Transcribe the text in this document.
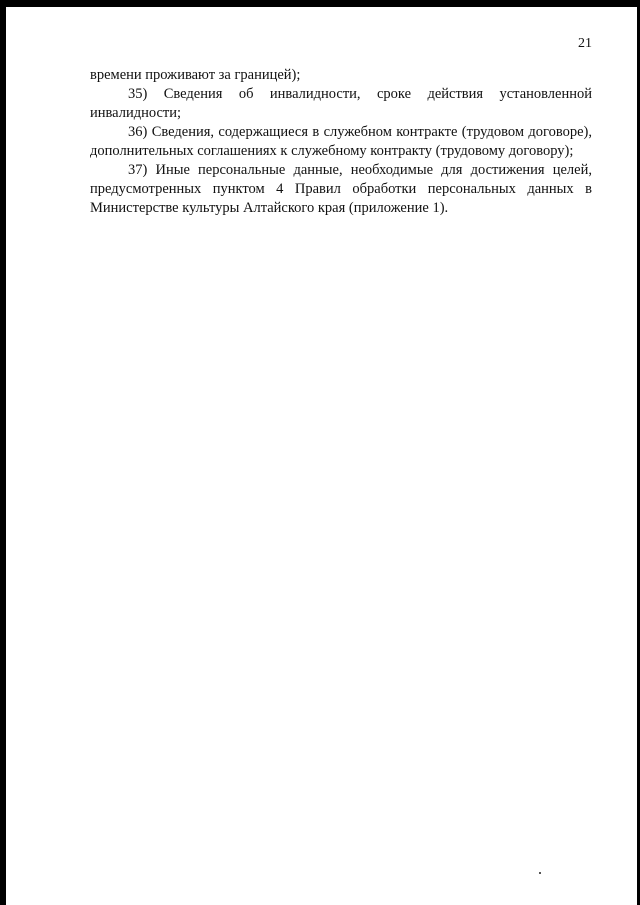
21

времени проживают за границей);

35) Сведения об инвалидности, сроке действия установленной инвалидности;

36) Сведения, содержащиеся в служебном контракте (трудовом договоре), дополнительных соглашениях к служебному контракту (трудовому договору);

37) Иные персональные данные, необходимые для достижения целей, предусмотренных пунктом 4 Правил обработки персональных данных в Министерстве культуры Алтайского края (приложение 1).
